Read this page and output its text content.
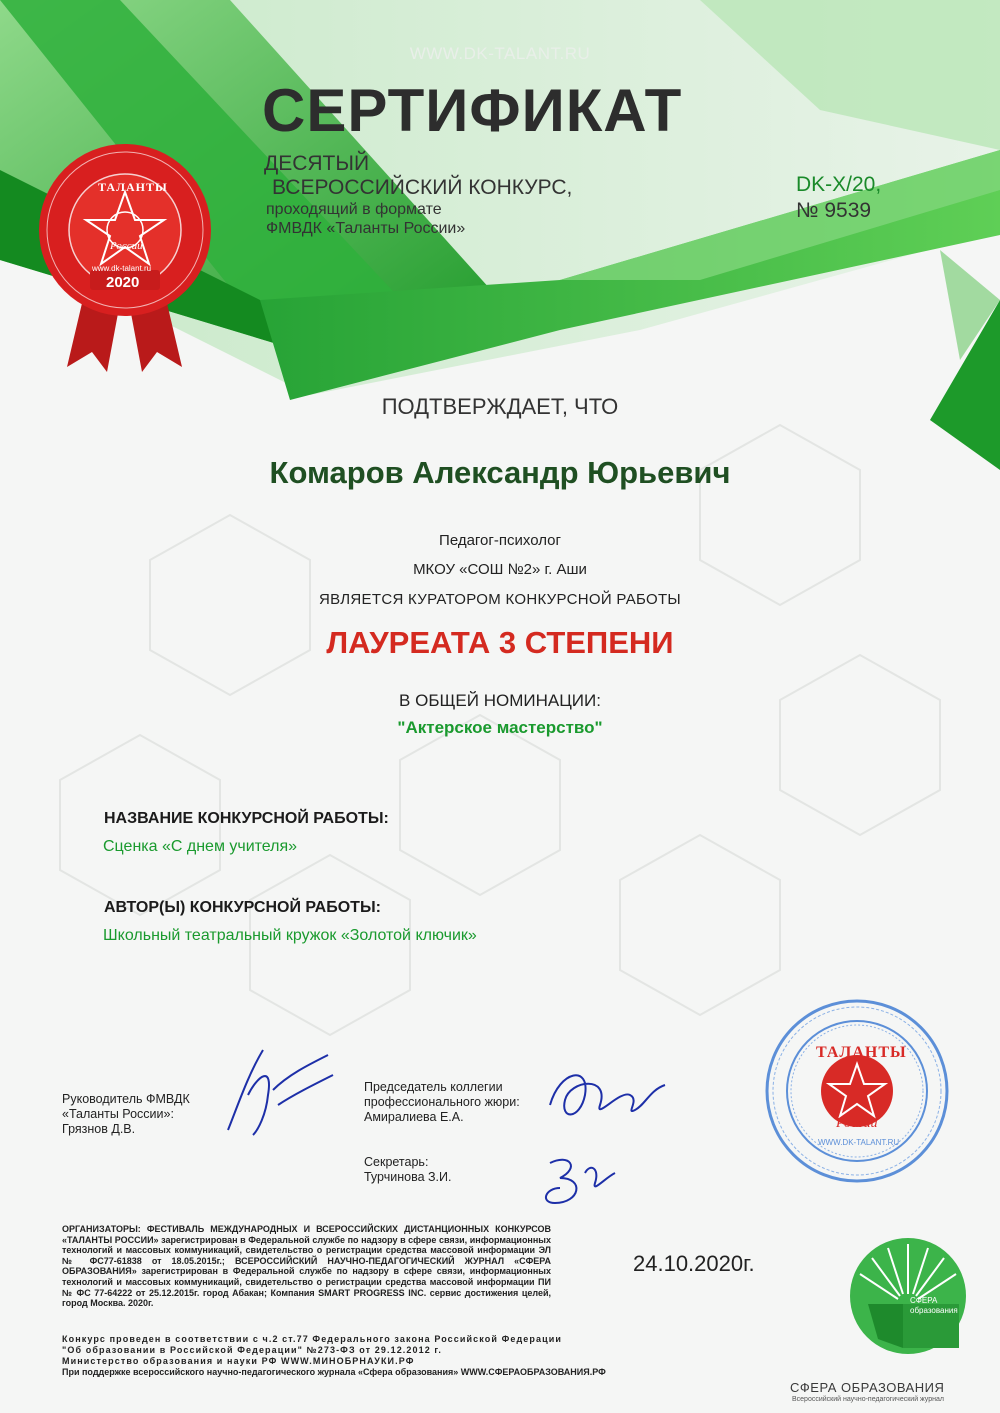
ТАЛАНТЫ
России
www.dk-talant.ru
2020
WWW.DK-TALANT.RU
СЕРТИФИКАТ
ДЕСЯТЫЙ
ВСЕРОССИЙСКИЙ КОНКУРС,
проходящий в формате
ФМВДК «Таланты России»
DK-X/20,
№ 9539
ПОДТВЕРЖДАЕТ, ЧТО
Комаров Александр Юрьевич
Педагог-психолог
МКОУ «СОШ №2» г. Аши
ЯВЛЯЕТСЯ КУРАТОРОМ КОНКУРСНОЙ РАБОТЫ
ЛАУРЕАТА 3 СТЕПЕНИ
В ОБЩЕЙ НОМИНАЦИИ:
"Актерское мастерство"
НАЗВАНИЕ КОНКУРСНОЙ РАБОТЫ:
Сценка «С днем учителя»
АВТОР(Ы) КОНКУРСНОЙ РАБОТЫ:
Школьный театральный кружок «Золотой ключик»
Руководитель ФМВДК
«Таланты России»:
Грязнов Д.В.
Председатель коллегии
профессионального жюри:
Амиралиева Е.А.
Секретарь:
Турчинова З.И.
ТАЛАНТЫ
России
WWW.DK-TALANT.RU
ОРГАНИЗАТОРЫ: ФЕСТИВАЛЬ МЕЖДУНАРОДНЫХ И ВСЕРОССИЙСКИХ ДИСТАНЦИОННЫХ КОНКУРСОВ «ТАЛАНТЫ РОССИИ» зарегистрирован в Федеральной службе по надзору в сфере связи, информационных технологий и массовых коммуникаций, свидетельство о регистрации средства массовой информации ЭЛ № ФС77-61838 от 18.05.2015г.; ВСЕРОССИЙСКИЙ НАУЧНО-ПЕДАГОГИЧЕСКИЙ ЖУРНАЛ «СФЕРА ОБРАЗОВАНИЯ» зарегистрирован в Федеральной службе по надзору в сфере связи, информационных технологий и массовых коммуникаций, свидетельство о регистрации средства массовой информации ПИ № ФС 77-64222 от 25.12.2015г. город Абакан; Компания SMART PROGRESS INC. сервис достижения целей, город Москва. 2020г.
Конкурс проведен в соответствии с ч.2 ст.77 Федерального закона Российской Федерации
"Об образовании в Российской Федерации" №273-ФЗ от 29.12.2012 г.
Министерство образования и науки РФ WWW.МИНОБРНАУКИ.РФ
При поддержке всероссийского научно-педагогического журнала «Сфера образования» WWW.СФЕРАОБРАЗОВАНИЯ.РФ
24.10.2020г.
СФЕРА образования
СФЕРА ОБРАЗОВАНИЯ
Всероссийский научно-педагогический журнал
